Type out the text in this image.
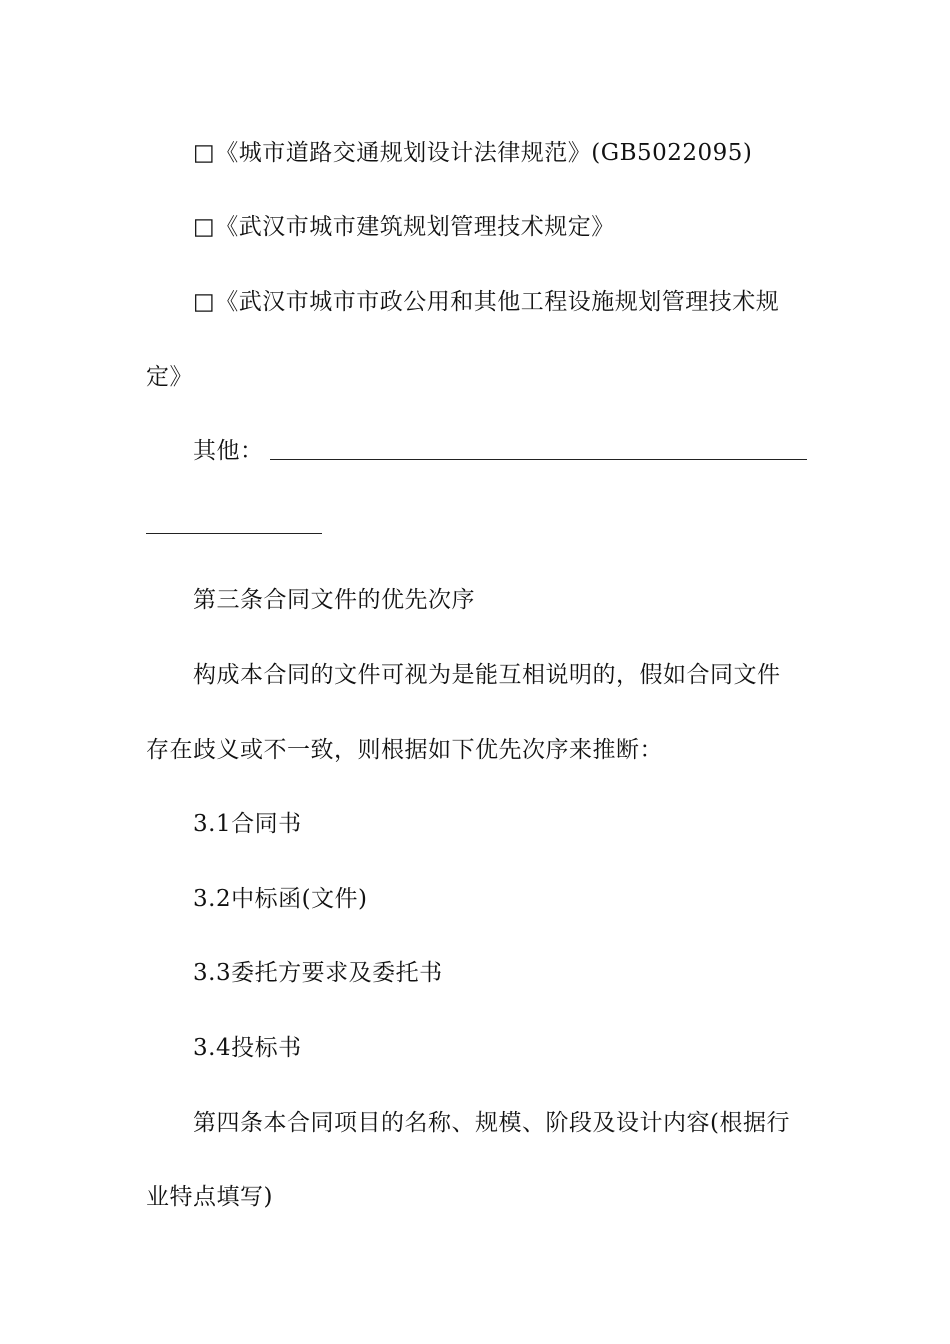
□《城市道路交通规划设计法律规范》(GB5022095)
□《武汉市城市建筑规划管理技术规定》
□《武汉市城市市政公用和其他工程设施规划管理技术规
定》
其他：
第三条合同文件的优先次序
构成本合同的文件可视为是能互相说明的，假如合同文件
存在歧义或不一致，则根据如下优先次序来推断：
3.1合同书
3.2中标函(文件)
3.3委托方要求及委托书
3.4投标书
第四条本合同项目的名称、规模、阶段及设计内容(根据行
业特点填写)
